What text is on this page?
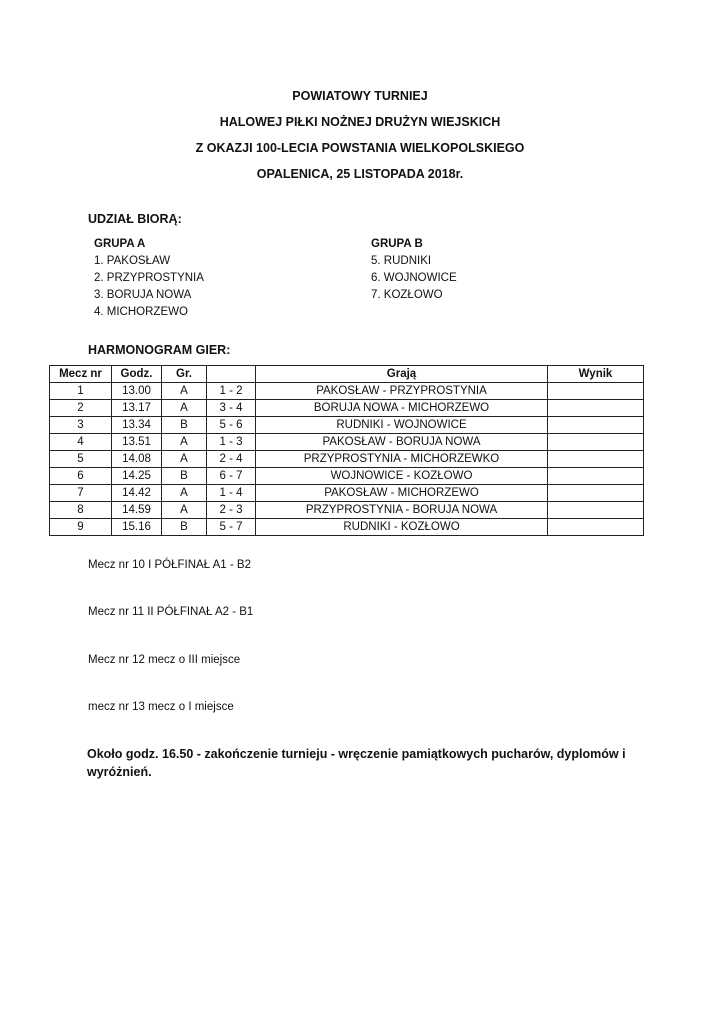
POWIATOWY TURNIEJ
HALOWEJ PIŁKI NOŻNEJ DRUŻYN WIEJSKICH
Z OKAZJI 100-LECIA POWSTANIA WIELKOPOLSKIEGO
OPALENICA, 25 LISTOPADA 2018r.
UDZIAŁ BIORĄ:
GRUPA A
1. PAKOSŁAW
2. PRZYPROSTYNIA
3. BORUJA NOWA
4. MICHORZEWO
GRUPA B
5. RUDNIKI
6. WOJNOWICE
7. KOZŁOWO
HARMONOGRAM GIER:
Mecz nr	Godz.	Gr.		Grają	Wynik
1	13.00	A	1 - 2	PAKOSŁAW - PRZYPROSTYNIA	
2	13.17	A	3 - 4	BORUJA NOWA - MICHORZEWO	
3	13.34	B	5 - 6	RUDNIKI - WOJNOWICE	
4	13.51	A	1 - 3	PAKOSŁAW - BORUJA NOWA	
5	14.08	A	2 - 4	PRZYPROSTYNIA - MICHORZEWKO	
6	14.25	B	6 - 7	WOJNOWICE - KOZŁOWO	
7	14.42	A	1 - 4	PAKOSŁAW - MICHORZEWO	
8	14.59	A	2 - 3	PRZYPROSTYNIA - BORUJA NOWA	
9	15.16	B	5 - 7	RUDNIKI - KOZŁOWO	
Mecz nr 10 I PÓŁFINAŁ A1 - B2
Mecz nr 11 II PÓŁFINAŁ A2 - B1
Mecz nr 12 mecz o III miejsce
mecz nr 13 mecz o I miejsce
Około godz. 16.50 - zakończenie turnieju - wręczenie pamiątkowych pucharów, dyplomów i wyróżnień.
